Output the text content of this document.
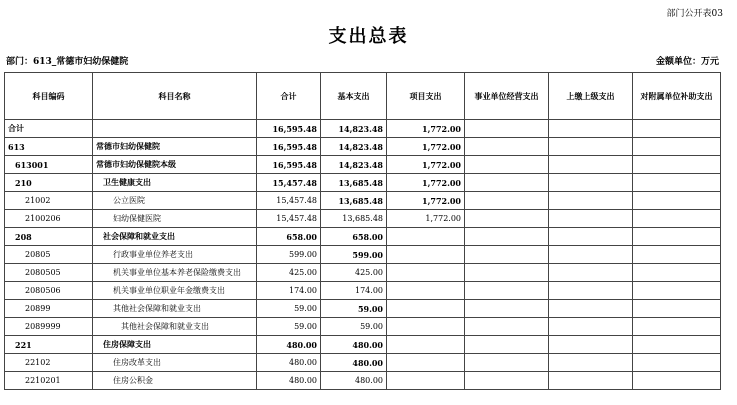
部门公开表03
支出总表
部门：613_常德市妇幼保健院	金额单位：万元
科目编码	科目名称	合计	基本支出	项目支出	事业单位经营支出	上缴上级支出	对附属单位补助支出
合计		16,595.48	14,823.48	1,772.00			
613	常德市妇幼保健院	16,595.48	14,823.48	1,772.00			
613001	常德市妇幼保健院本级	16,595.48	14,823.48	1,772.00			
210	卫生健康支出	15,457.48	13,685.48	1,772.00			
21002	公立医院	15,457.48	13,685.48	1,772.00			
2100206	妇幼保健医院	15,457.48	13,685.48	1,772.00			
208	社会保障和就业支出	658.00	658.00				
20805	行政事业单位养老支出	599.00	599.00				
2080505	机关事业单位基本养老保险缴费支出	425.00	425.00				
2080506	机关事业单位职业年金缴费支出	174.00	174.00				
20899	其他社会保障和就业支出	59.00	59.00				
2089999	其他社会保障和就业支出	59.00	59.00				
221	住房保障支出	480.00	480.00				
22102	住房改革支出	480.00	480.00				
2210201	住房公积金	480.00	480.00				
